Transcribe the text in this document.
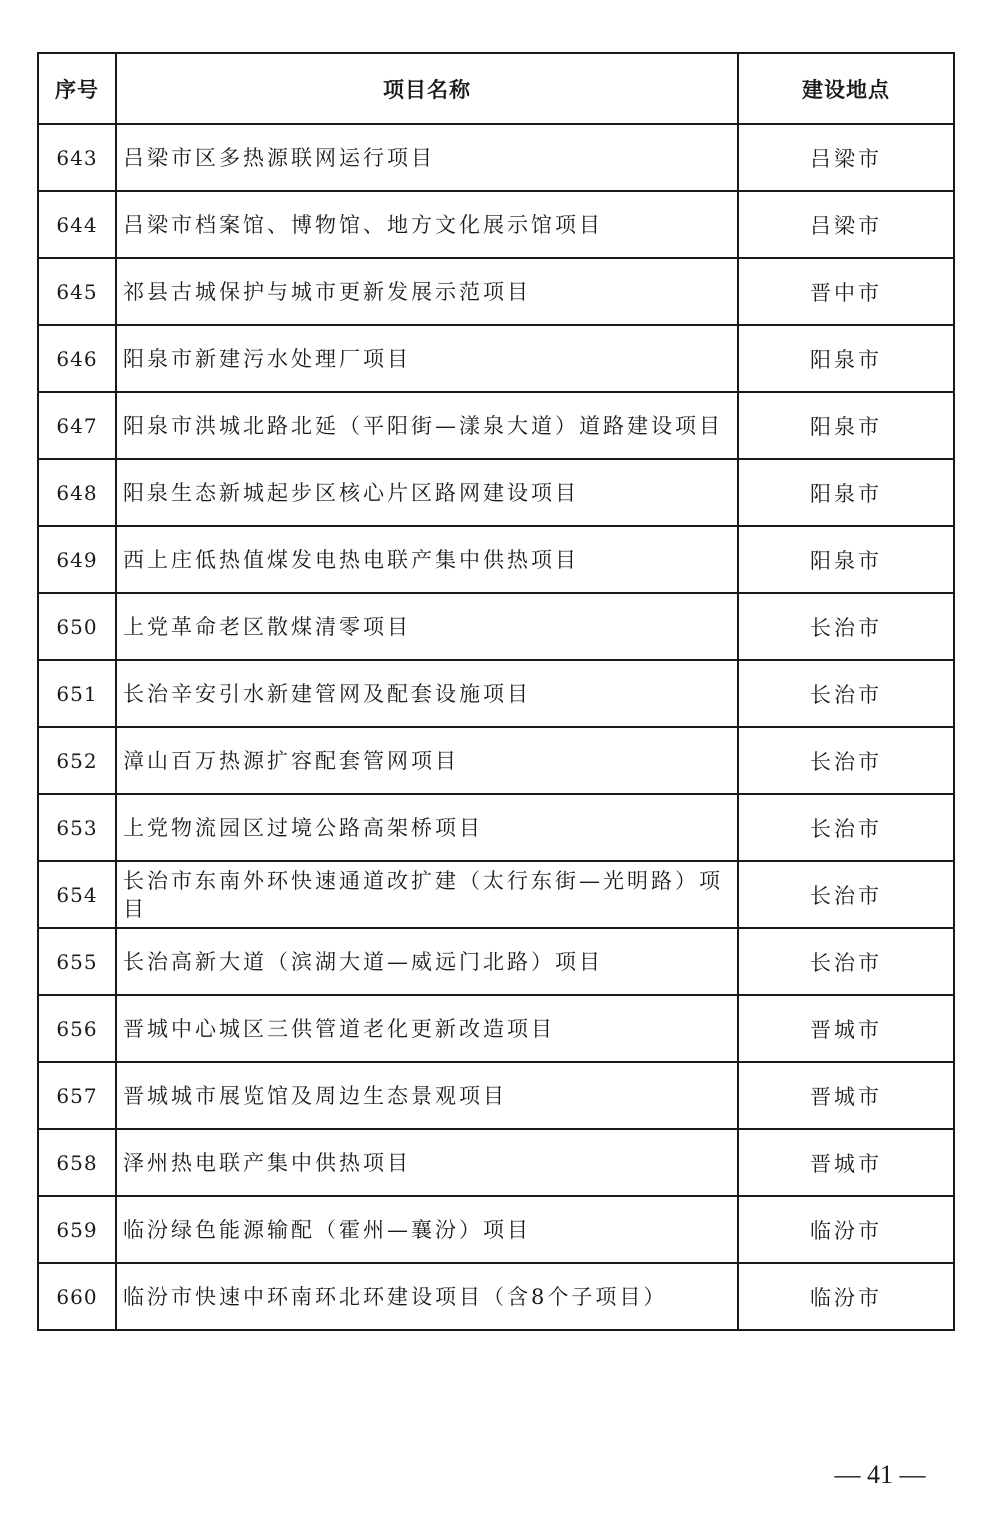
序号	项目名称	建设地点
643	吕梁市区多热源联网运行项目	吕梁市
644	吕梁市档案馆、博物馆、地方文化展示馆项目	吕梁市
645	祁县古城保护与城市更新发展示范项目	晋中市
646	阳泉市新建污水处理厂项目	阳泉市
647	阳泉市洪城北路北延（平阳街—漾泉大道）道路建设项目	阳泉市
648	阳泉生态新城起步区核心片区路网建设项目	阳泉市
649	西上庄低热值煤发电热电联产集中供热项目	阳泉市
650	上党革命老区散煤清零项目	长治市
651	长治辛安引水新建管网及配套设施项目	长治市
652	漳山百万热源扩容配套管网项目	长治市
653	上党物流园区过境公路高架桥项目	长治市
654	长治市东南外环快速通道改扩建（太行东街—光明路）项目	长治市
655	长治高新大道（滨湖大道—威远门北路）项目	长治市
656	晋城中心城区三供管道老化更新改造项目	晋城市
657	晋城城市展览馆及周边生态景观项目	晋城市
658	泽州热电联产集中供热项目	晋城市
659	临汾绿色能源输配（霍州—襄汾）项目	临汾市
660	临汾市快速中环南环北环建设项目（含8个子项目）	临汾市
— 41 —
